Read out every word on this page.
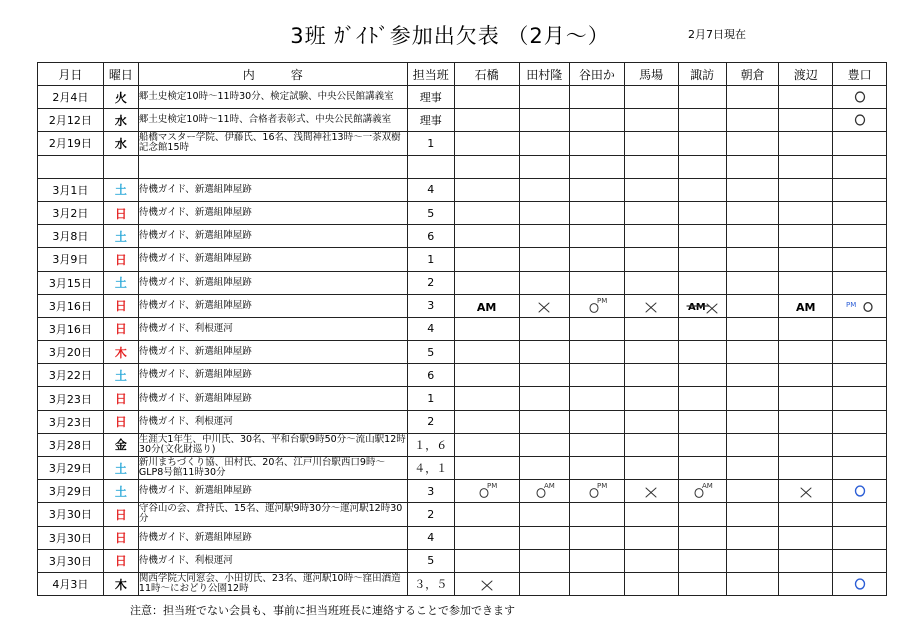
3班 ｶﾞｲﾄﾞ参加出欠表 （2月～）	2月7日現在
月日	曜日	内　　　容	担当班	石橋	田村隆	谷田か	馬場	諏訪	朝倉	渡辺	豊口
2月4日	火	郷土史検定10時～11時30分、検定試験、中央公民館講義室	理事								

2月12日	水	郷土史検定10時～11時、合格者表彰式、中央公民館講義室	理事								

2月19日	水	船橋マスター学院、伊藤氏、16名、浅間神社13時～一茶双樹記念館15時	1								

3月1日	土	待機ガイド、新選組陣屋跡	4								
3月2日	日	待機ガイド、新選組陣屋跡	5								
3月8日	土	待機ガイド、新選組陣屋跡	6								
3月9日	日	待機ガイド、新選組陣屋跡	1								
3月15日	土	待機ガイド、新選組陣屋跡	2								
3月16日	日	待機ガイド、新選組陣屋跡	3	AM		PM		AM		AM	PM

3月16日	日	待機ガイド、利根運河	4								
3月20日	木	待機ガイド、新選組陣屋跡	5								
3月22日	土	待機ガイド、新選組陣屋跡	6								
3月23日	日	待機ガイド、新選組陣屋跡	1								
3月23日	日	待機ガイド、利根運河	2								
3月28日	金	生涯大1年生、中川氏、30名、平和台駅9時50分～流山駅12時30分(文化財巡り)	１，６								
3月29日	土	新川まちづくり協、田村氏、20名、江戸川台駅西口9時～GLP8号館11時30分	４，１								
3月29日	土	待機ガイド、新選組陣屋跡	3	PM	AM	PM		AM

3月30日	日	守谷山の会、倉持氏、15名、運河駅9時30分～運河駅12時30分	2								
3月30日	日	待機ガイド、新選組陣屋跡	4								
3月30日	日	待機ガイド、利根運河	5								
4月3日	木	関西学院大同窓会、小田切氏、23名、運河駅10時～窪田酒造11時～におどり公園12時	３，５	

注意：担当班でない会員も、事前に担当班班長に連絡することで参加できます
